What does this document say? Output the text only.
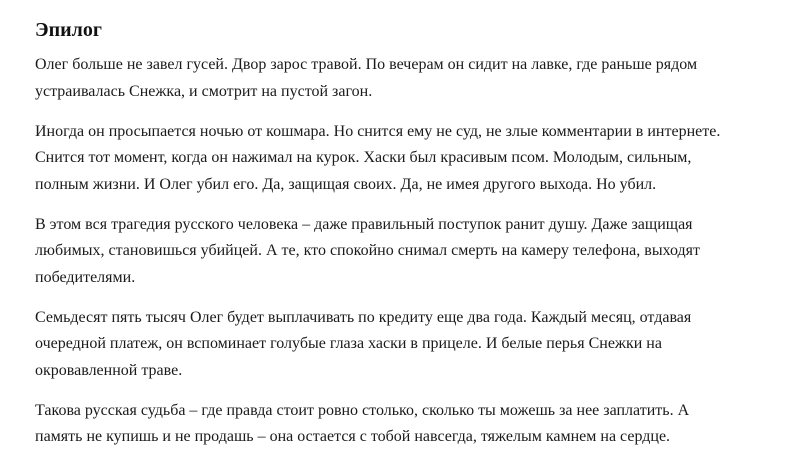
Эпилог

Олег больше не завел гусей. Двор зарос травой. По вечерам он сидит на лавке, где раньше рядом устраивалась Снежка, и смотрит на пустой загон.

Иногда он просыпается ночью от кошмара. Но снится ему не суд, не злые комментарии в интернете. Снится тот момент, когда он нажимал на курок. Хаски был красивым псом. Молодым, сильным, полным жизни. И Олег убил его. Да, защищая своих. Да, не имея другого выхода. Но убил.

В этом вся трагедия русского человека – даже правильный поступок ранит душу. Даже защищая любимых, становишься убийцей. А те, кто спокойно снимал смерть на камеру телефона, выходят победителями.

Семьдесят пять тысяч Олег будет выплачивать по кредиту еще два года. Каждый месяц, отдавая очередной платеж, он вспоминает голубые глаза хаски в прицеле. И белые перья Снежки на окровавленной траве.

Такова русская судьба – где правда стоит ровно столько, сколько ты можешь за нее заплатить. А память не купишь и не продашь – она остается с тобой навсегда, тяжелым камнем на сердце.
